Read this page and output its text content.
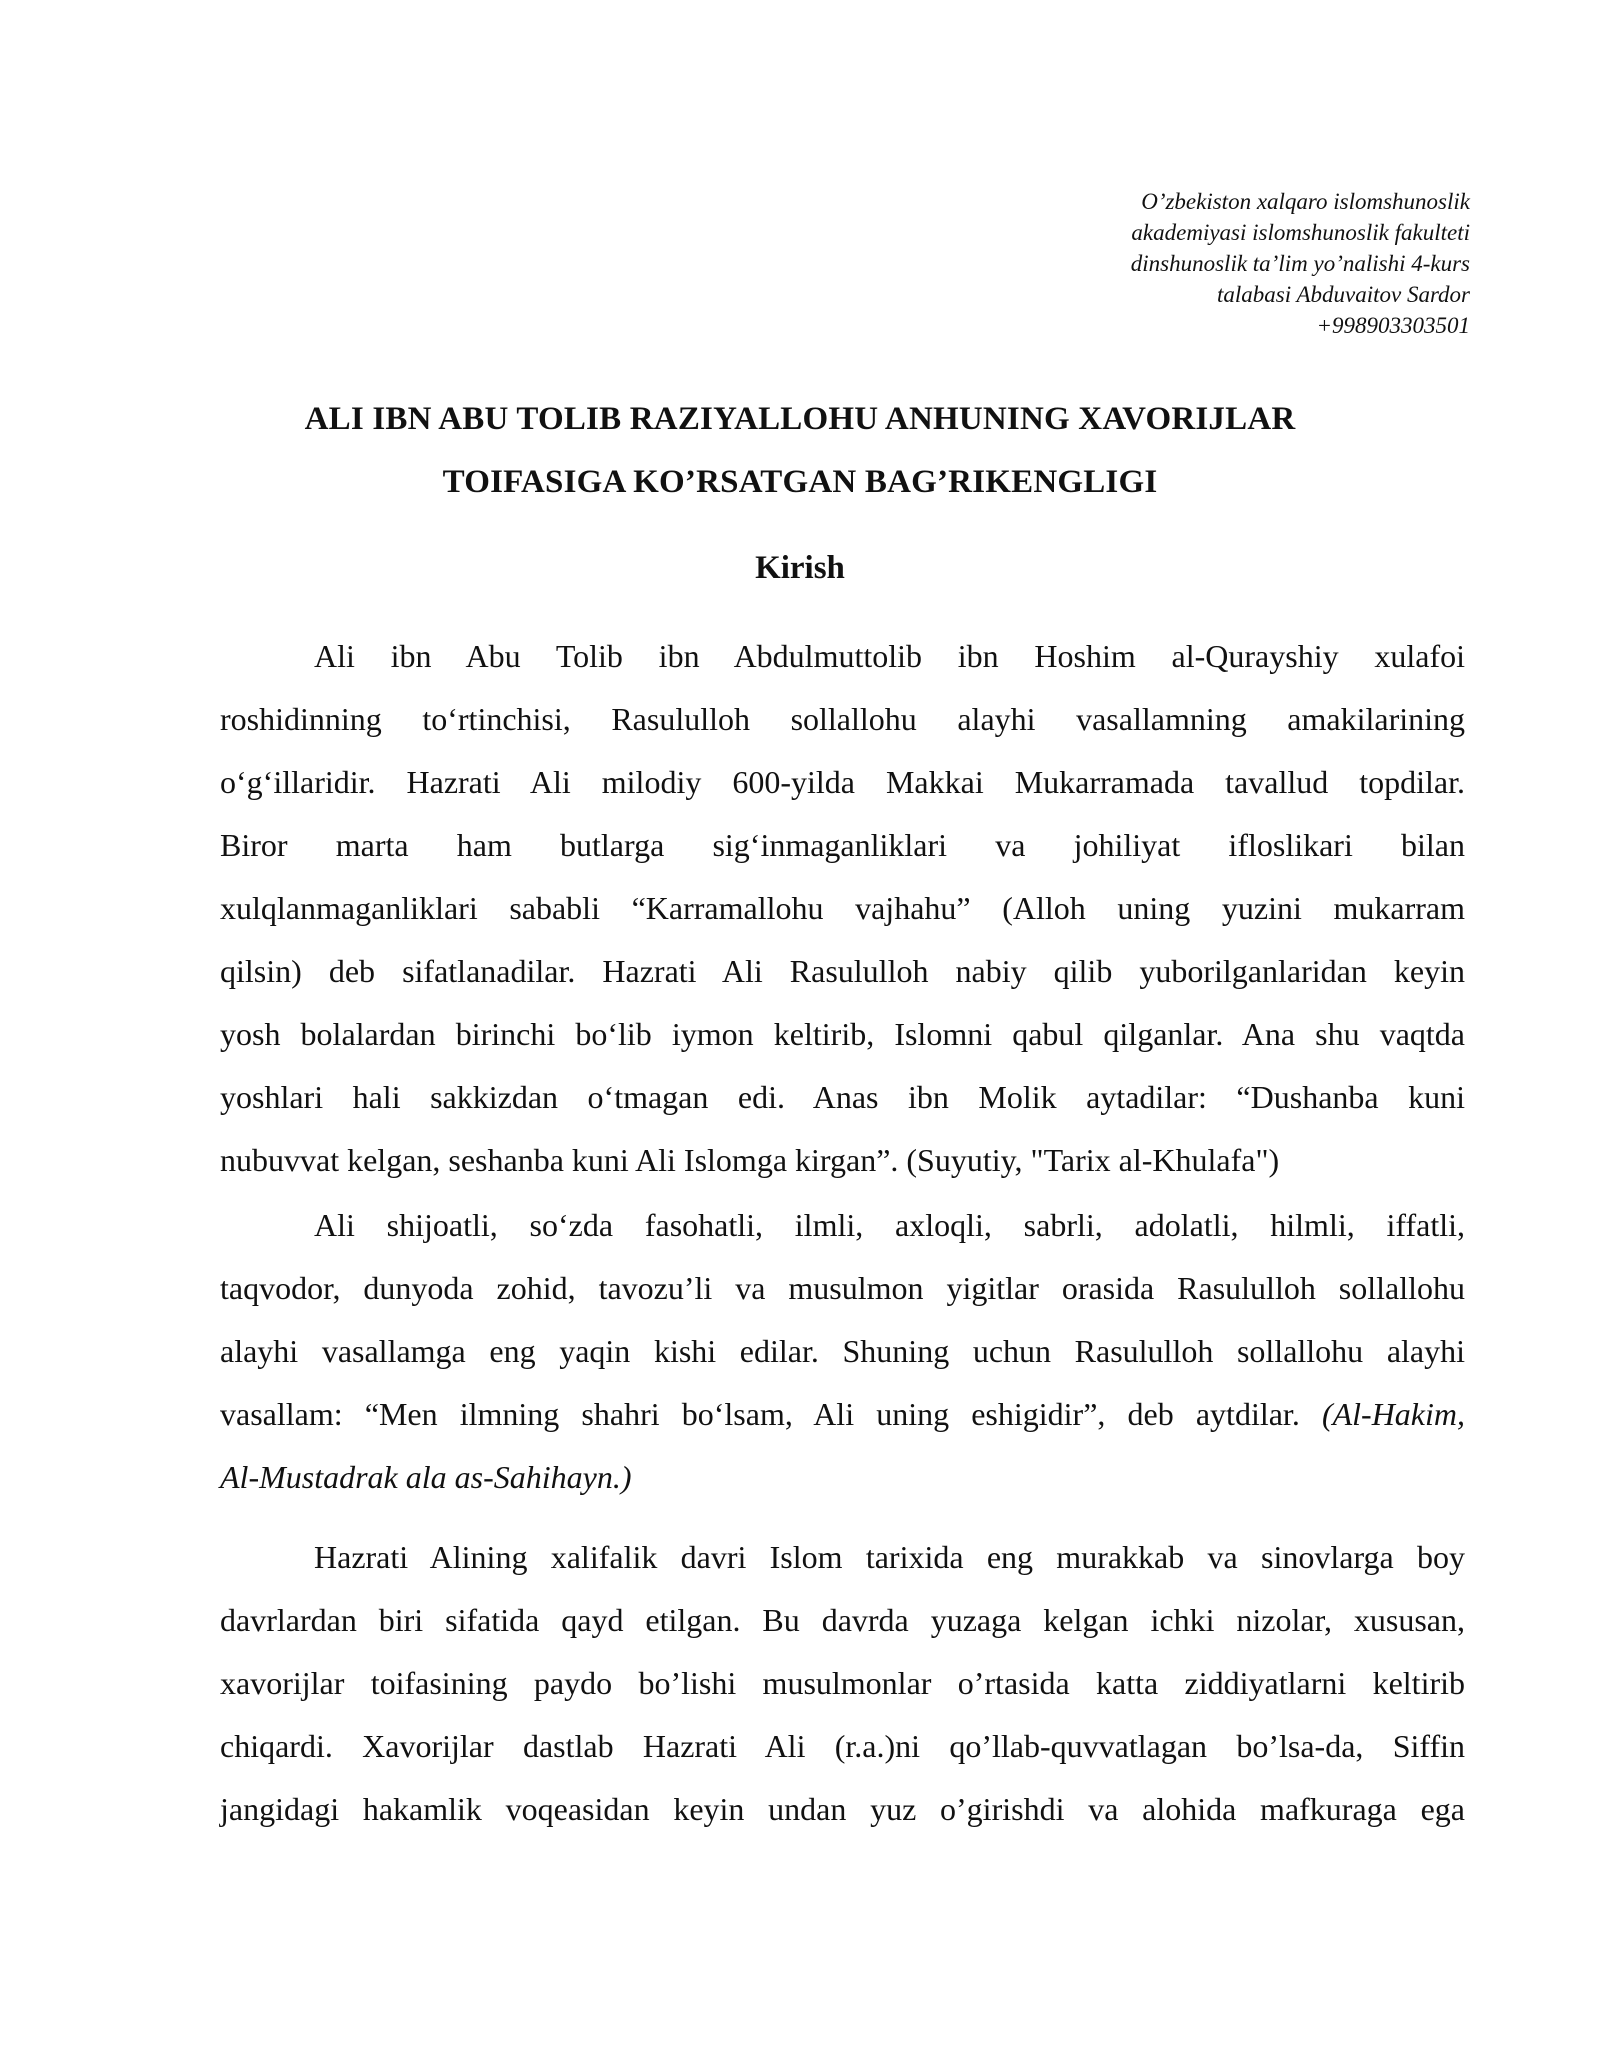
O’zbekiston xalqaro islomshunoslik
akademiyasi islomshunoslik fakulteti
dinshunoslik ta’lim yo’nalishi 4-kurs
talabasi Abduvaitov Sardor
+998903303501
ALI IBN ABU TOLIB RAZIYALLOHU ANHUNING XAVORIJLAR
TOIFASIGA KO’RSATGAN BAG’RIKENGLIGI
Kirish
Ali ibn Abu Tolib ibn Abdulmuttolib ibn Hoshim al-Qurayshiy xulafoi
roshidinning to‘rtinchisi, Rasululloh sollallohu alayhi vasallamning amakilarining
o‘g‘illaridir. Hazrati Ali milodiy 600-yilda Makkai Mukarramada tavallud topdilar.
Biror marta ham butlarga sig‘inmaganliklari va johiliyat ifloslikari bilan
xulqlanmaganliklari sababli “Karramallohu vajhahu” (Alloh uning yuzini mukarram
qilsin) deb sifatlanadilar. Hazrati Ali Rasululloh nabiy qilib yuborilganlaridan keyin
yosh bolalardan birinchi bo‘lib iymon keltirib, Islomni qabul qilganlar. Ana shu vaqtda
yoshlari hali sakkizdan o‘tmagan edi. Anas ibn Molik aytadilar: “Dushanba kuni
nubuvvat kelgan, seshanba kuni Ali Islomga kirgan”. (Suyutiy, "Tarix al-Khulafa")
Ali shijoatli, so‘zda fasohatli, ilmli, axloqli, sabrli, adolatli, hilmli, iffatli,
taqvodor, dunyoda zohid, tavozu’li va musulmon yigitlar orasida Rasululloh sollallohu
alayhi vasallamga eng yaqin kishi edilar. Shuning uchun Rasululloh sollallohu alayhi
vasallam: “Men ilmning shahri bo‘lsam, Ali uning eshigidir”, deb aytdilar. (Al-Hakim,
Al-Mustadrak ala as-Sahihayn.)
Hazrati Alining xalifalik davri Islom tarixida eng murakkab va sinovlarga boy
davrlardan biri sifatida qayd etilgan. Bu davrda yuzaga kelgan ichki nizolar, xususan,
xavorijlar toifasining paydo bo’lishi musulmonlar o’rtasida katta ziddiyatlarni keltirib
chiqardi. Xavorijlar dastlab Hazrati Ali (r.a.)ni qo’llab-quvvatlagan bo’lsa-da, Siffin
jangidagi hakamlik voqeasidan keyin undan yuz o’girishdi va alohida mafkuraga ega
